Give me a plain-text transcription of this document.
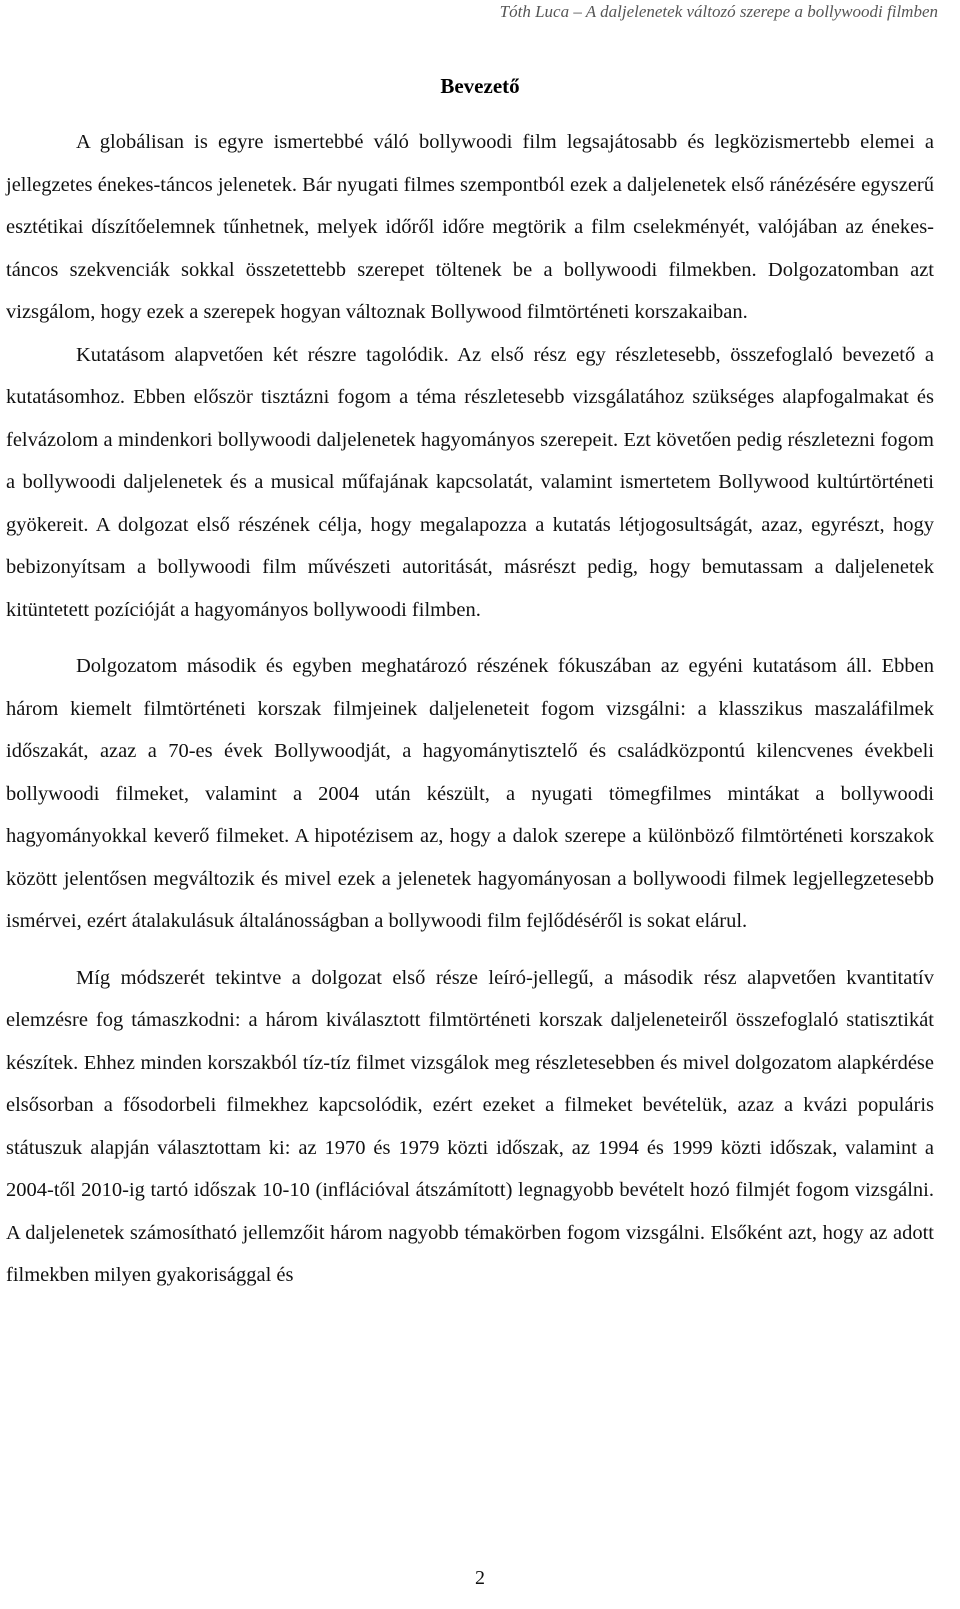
Tóth Luca – A daljelenetek változó szerepe a bollywoodi filmben
Bevezető

A globálisan is egyre ismertebbé váló bollywoodi film legsajátosabb és legközismertebb elemei a jellegzetes énekes-táncos jelenetek. Bár nyugati filmes szempontból ezek a daljelenetek első ránézésére egyszerű esztétikai díszítőelemnek tűnhetnek, melyek időről időre megtörik a film cselekményét, valójában az énekes-táncos szekvenciák sokkal összetettebb szerepet töltenek be a bollywoodi filmekben. Dolgozatomban azt vizsgálom, hogy ezek a szerepek hogyan változnak Bollywood filmtörténeti korszakaiban.

Kutatásom alapvetően két részre tagolódik. Az első rész egy részletesebb, összefoglaló bevezető a kutatásomhoz. Ebben először tisztázni fogom a téma részletesebb vizsgálatához szükséges alapfogalmakat és felvázolom a mindenkori bollywoodi daljelenetek hagyományos szerepeit. Ezt követően pedig részletezni fogom a bollywoodi daljelenetek és a musical műfajának kapcsolatát, valamint ismertetem Bollywood kultúrtörténeti gyökereit. A dolgozat első részének célja, hogy megalapozza a kutatás létjogosultságát, azaz, egyrészt, hogy bebizonyítsam a bollywoodi film művészeti autoritását, másrészt pedig, hogy bemutassam a daljelenetek kitüntetett pozícióját a hagyományos bollywoodi filmben.

Dolgozatom második és egyben meghatározó részének fókuszában az egyéni kutatásom áll. Ebben három kiemelt filmtörténeti korszak filmjeinek daljeleneteit fogom vizsgálni: a klasszikus maszaláfilmek időszakát, azaz a 70-es évek Bollywoodját, a hagyománytisztelő és családközpontú kilencvenes évekbeli bollywoodi filmeket, valamint a 2004 után készült, a nyugati tömegfilmes mintákat a bollywoodi hagyományokkal keverő filmeket. A hipotézisem az, hogy a dalok szerepe a különböző filmtörténeti korszakok között jelentősen megváltozik és mivel ezek a jelenetek hagyományosan a bollywoodi filmek legjellegzetesebb ismérvei, ezért átalakulásuk általánosságban a bollywoodi film fejlődéséről is sokat elárul.

Míg módszerét tekintve a dolgozat első része leíró-jellegű, a második rész alapvetően kvantitatív elemzésre fog támaszkodni: a három kiválasztott filmtörténeti korszak daljeleneteiről összefoglaló statisztikát készítek. Ehhez minden korszakból tíz-tíz filmet vizsgálok meg részletesebben és mivel dolgozatom alapkérdése elsősorban a fősodorbeli filmekhez kapcsolódik, ezért ezeket a filmeket bevételük, azaz a kvázi populáris státuszuk alapján választottam ki: az 1970 és 1979 közti időszak, az 1994 és 1999 közti időszak, valamint a 2004-től 2010-ig tartó időszak 10-10 (inflációval átszámított) legnagyobb bevételt hozó filmjét fogom vizsgálni. A daljelenetek számosítható jellemzőit három nagyobb témakörben fogom vizsgálni. Elsőként azt, hogy az adott filmekben milyen gyakorisággal és

2
